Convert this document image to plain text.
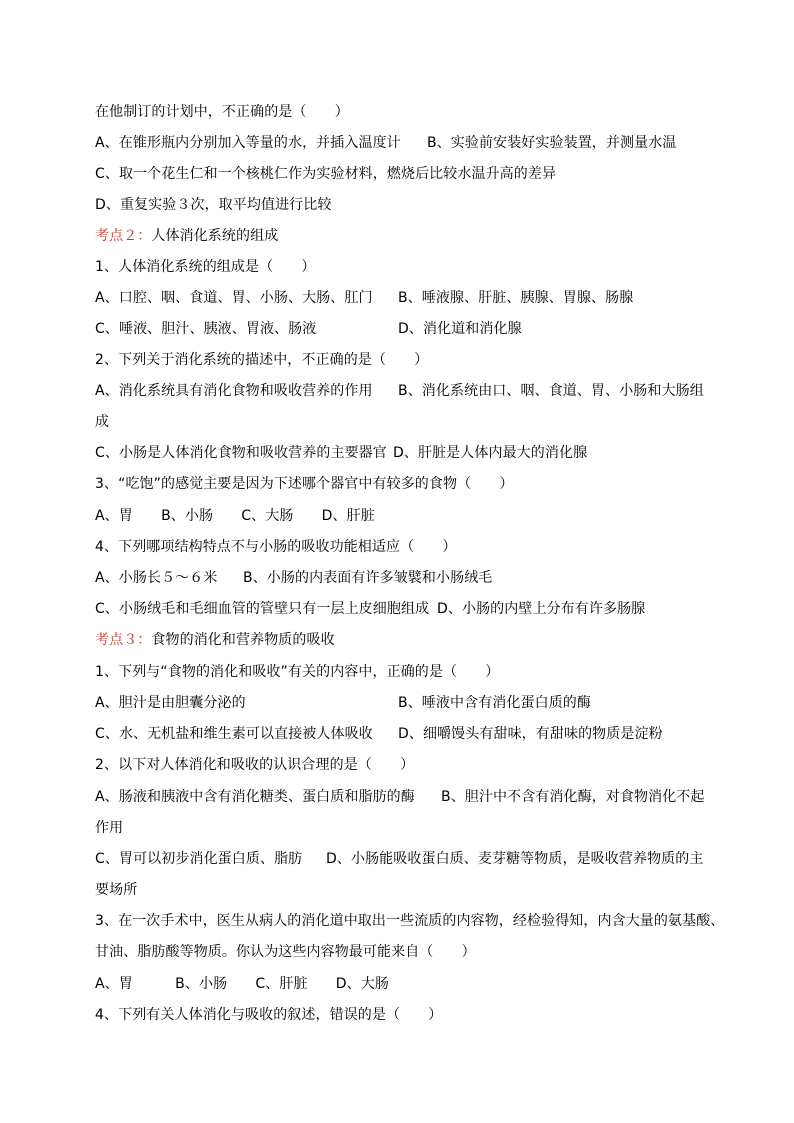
在他制订的计划中，不正确的是（　　）
A、在锥形瓶内分别加入等量的水，并插入温度计 B、实验前安装好实验装置，并测量水温
C、取一个花生仁和一个核桃仁作为实验材料，燃烧后比较水温升高的差异
D、重复实验３次，取平均值进行比较
考点２：人体消化系统的组成
1、人体消化系统的组成是（　　）
A、口腔、咽、食道、胃、小肠、大肠、肛门 B、唾液腺、肝脏、胰腺、胃腺、肠腺
C、唾液、胆汁、胰液、胃液、肠液	D、消化道和消化腺
2、下列关于消化系统的描述中，不正确的是（　　）
A、消化系统具有消化食物和吸收营养的作用 B、消化系统由口、咽、食道、胃、小肠和大肠组
成
C、小肠是人体消化食物和吸收营养的主要器官 D、肝脏是人体内最大的消化腺
3、“吃饱”的感觉主要是因为下述哪个器官中有较多的食物（　　）
A、胃　　B、小肠　　C、大肠　　D、肝脏
4、下列哪项结构特点不与小肠的吸收功能相适应（　　）
A、小肠长５～６米 B、小肠的内表面有许多皱襞和小肠绒毛
C、小肠绒毛和毛细血管的管壁只有一层上皮细胞组成 D、小肠的内壁上分布有许多肠腺
考点３：食物的消化和营养物质的吸收
1、下列与“食物的消化和吸收”有关的内容中，正确的是（　　）
A、胆汁是由胆囊分泌的	B、唾液中含有消化蛋白质的酶
C、水、无机盐和维生素可以直接被人体吸收 D、细嚼馒头有甜味，有甜味的物质是淀粉
2、以下对人体消化和吸收的认识合理的是（　　）
A、肠液和胰液中含有消化糖类、蛋白质和脂肪的酶 B、胆汁中不含有消化酶，对食物消化不起
作用
C、胃可以初步消化蛋白质、脂肪 D、小肠能吸收蛋白质、麦芽糖等物质，是吸收营养物质的主
要场所
3、在一次手术中，医生从病人的消化道中取出一些流质的内容物，经检验得知，内含大量的氨基酸、
甘油、脂肪酸等物质。你认为这些内容物最可能来自（　　）
A、胃　　　B、小肠　　C、肝脏　　D、大肠
4、下列有关人体消化与吸收的叙述，错误的是（　　）
